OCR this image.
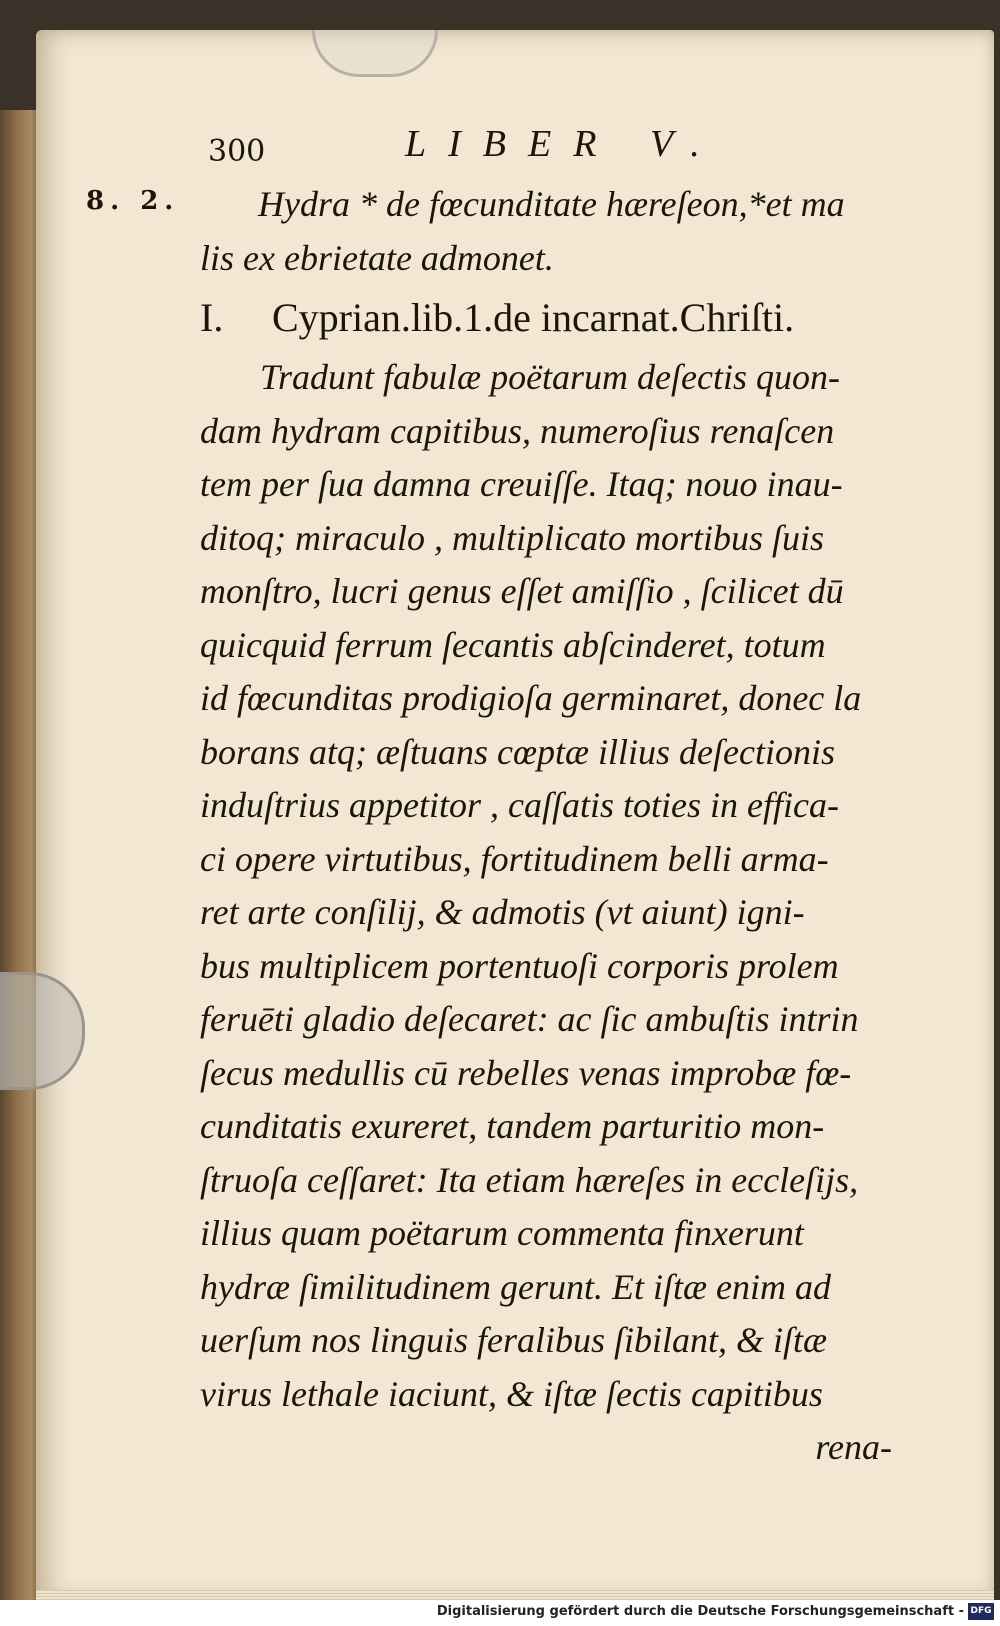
300	LIBER V.
8. 2.	Hydra * de fœcunditate hæreſeon,*et ma
lis ex ebrietate admonet.
I. Cyprian.lib.1.de incarnat.Chriſti.
Tradunt fabulæ poëtarum deſectis quon-
dam hydram capitibus, numeroſius renaſcen
tem per ſua damna creuiſſe. Itaq; nouo inau-
ditoq; miraculo , multiplicato mortibus ſuis
monſtro, lucri genus eſſet amiſſio , ſcilicet dū
quicquid ferrum ſecantis abſcinderet, totum
id fœcunditas prodigioſa germinaret, donec la
borans atq; æſtuans cœptæ illius deſectionis
induſtrius appetitor , caſſatis toties in effica-
ci opere virtutibus, fortitudinem belli arma-
ret arte conſilij, & admotis (vt aiunt) igni-
bus multiplicem portentuoſi corporis prolem
feruēti gladio deſecaret: ac ſic ambuſtis intrin
ſecus medullis cū rebelles venas improbæ fœ-
cunditatis exureret, tandem parturitio mon-
ſtruoſa ceſſaret: Ita etiam hæreſes in eccleſijs,
illius quam poëtarum commenta finxerunt
hydræ ſimilitudinem gerunt. Et iſtæ enim ad
uerſum nos linguis feralibus ſibilant, & iſtæ
virus lethale iaciunt, & iſtæ ſectis capitibus
rena-
Digitalisierung gefördert durch die Deutsche Forschungsgemeinschaft - DFG
